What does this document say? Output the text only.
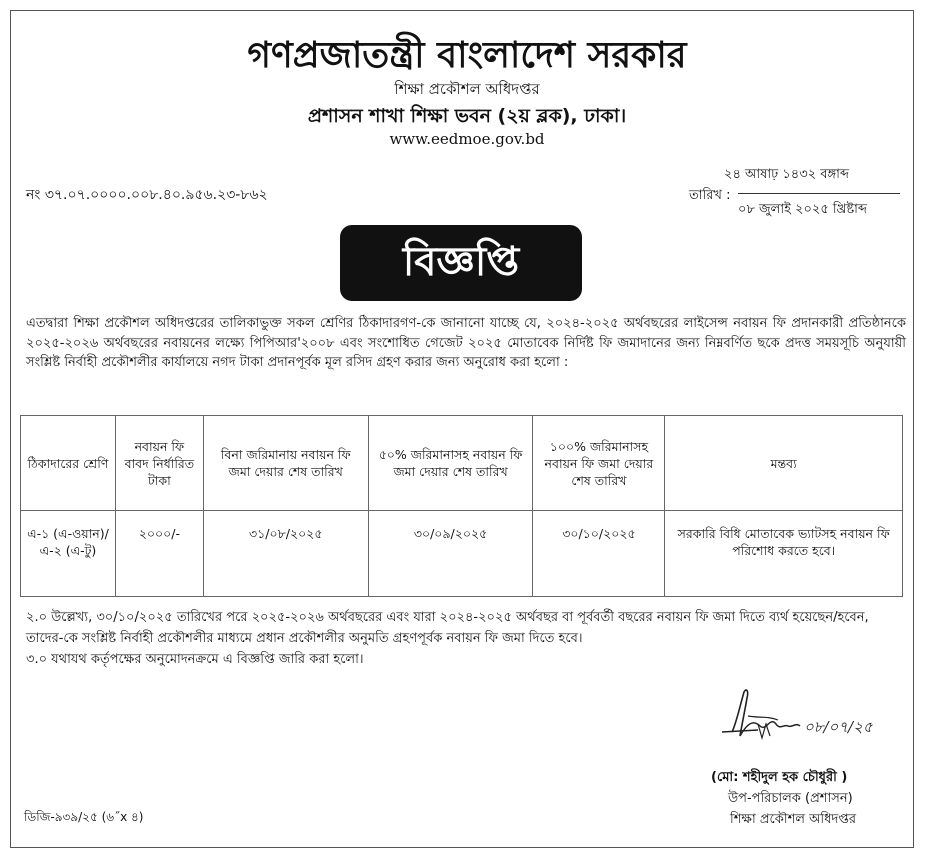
গণপ্রজাতন্ত্রী বাংলাদেশ সরকার
শিক্ষা প্রকৌশল অধিদপ্তর
প্রশাসন শাখা শিক্ষা ভবন (২য় ব্লক), ঢাকা।
www.eedmoe.gov.bd
নং ৩৭.০৭.০০০০.০০৮.৪০.৯৫৬.২৩-৮৬২
২৪ আষাঢ় ১৪৩২ বঙ্গাব্দ
তারিখ :
০৮ জুলাই ২০২৫ খ্রিষ্টাব্দ
বিজ্ঞপ্তি
এতদ্বারা শিক্ষা প্রকৌশল অধিদপ্তরের তালিকাভুক্ত সকল শ্রেণির ঠিকাদারগণ-কে জানানো যাচ্ছে যে, ২০২৪-২০২৫ অর্থবছরের লাইসেন্স নবায়ন ফি প্রদানকারী প্রতিষ্ঠানকে ২০২৫-২০২৬ অর্থবছরের নবায়নের লক্ষ্যে পিপিআর'২০০৮ এবং সংশোধিত গেজেট ২০২৫ মোতাবেক নির্দিষ্ট ফি জমাদানের জন্য নিম্নবর্ণিত ছকে প্রদত্ত সময়সূচি অনুযায়ী সংশ্লিষ্ট নির্বাহী প্রকৌশলীর কার্যালয়ে নগদ টাকা প্রদানপূর্বক মূল রসিদ গ্রহণ করার জন্য অনুরোধ করা হলো :
ঠিকাদারের শ্রেণি	নবায়ন ফি বাবদ নির্ধারিত টাকা	বিনা জরিমানায় নবায়ন ফি জমা দেয়ার শেষ তারিখ	৫০% জরিমানাসহ নবায়ন ফি জমা দেয়ার শেষ তারিখ	১০০% জরিমানাসহ নবায়ন ফি জমা দেয়ার শেষ তারিখ	মন্তব্য
এ-১ (এ-ওয়ান)/ এ-২ (এ-টু)	২০০০/-	৩১/০৮/২০২৫	৩০/০৯/২০২৫	৩০/১০/২০২৫	সরকারি বিধি মোতাবেক ভ্যাটসহ নবায়ন ফি পরিশোধ করতে হবে।
২.০ উল্লেখ্য, ৩০/১০/২০২৫ তারিখের পরে ২০২৫-২০২৬ অর্থবছরের এবং যারা ২০২৪-২০২৫ অর্থবছর বা পূর্ববর্তী বছরের নবায়ন ফি জমা দিতে ব্যর্থ হয়েছেন/হবেন, তাদের-কে সংশ্লিষ্ট নির্বাহী প্রকৌশলীর মাধ্যমে প্রধান প্রকৌশলীর অনুমতি গ্রহণপূর্বক নবায়ন ফি জমা দিতে হবে।
৩.০ যথাযথ কর্তৃপক্ষের অনুমোদনক্রমে এ বিজ্ঞপ্তি জারি করা হলো।
০৮/০৭/২৫
(মো: শহীদুল হক চৌধুরী )
উপ-পরিচালক (প্রশাসন)
শিক্ষা প্রকৌশল অধিদপ্তর
ডিজি-৯৩৯/২৫ (৬˝x ৪)
